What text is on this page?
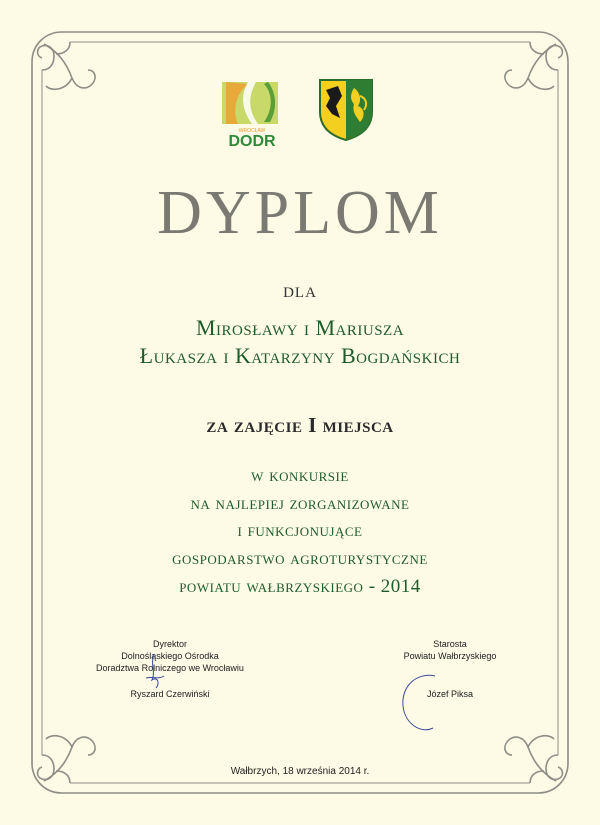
WROCŁAW
DODR
DYPLOM
DLA
Mirosławy i Mariusza
Łukasza i Katarzyny Bogdańskich
za zajęcie I miejsca
w konkursie
na najlepiej zorganizowane
i funkcjonujące
gospodarstwo agroturystyczne
powiatu wałbrzyskiego - 2014
Dyrektor
Dolnośląskiego Ośrodka
Doradztwa Rolniczego we Wrocławiu
Ryszard Czerwiński
Starosta
Powiatu Wałbrzyskiego
Józef Piksa
Wałbrzych, 18 września 2014 r.
